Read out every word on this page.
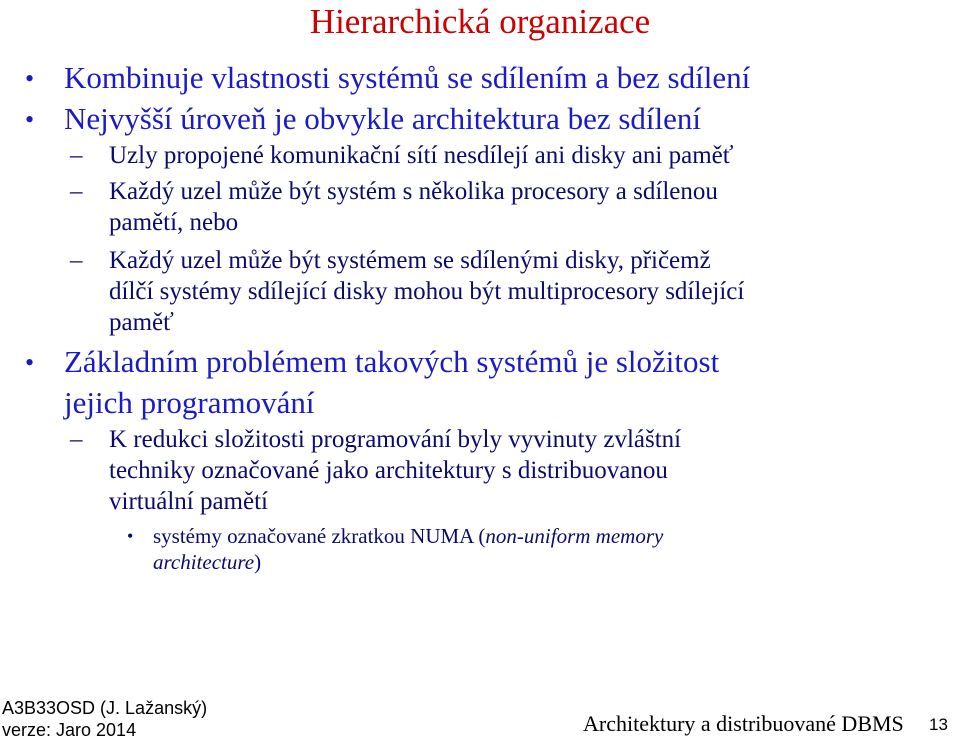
Hierarchická organizace
• Kombinuje vlastnosti systémů se sdílením a bez sdílení
• Nejvyšší úroveň je obvykle architektura bez sdílení
– Uzly propojené komunikační sítí nesdílejí ani disky ani paměť
– Každý uzel může být systém s několika procesory a sdílenou
pamětí, nebo
– Každý uzel může být systémem se sdílenými disky, přičemž
dílčí systémy sdílející disky mohou být multiprocesory sdílející
paměť
• Základním problémem takových systémů je složitost
jejich programování
– K redukci složitosti programování byly vyvinuty zvláštní
techniky označované jako architektury s distribuovanou
virtuální pamětí
• systémy označované zkratkou NUMA (non-uniform memory
architecture)
A3B33OSD (J. Lažanský)
verze: Jaro 2014	Architektury a distribuované DBMS 13
